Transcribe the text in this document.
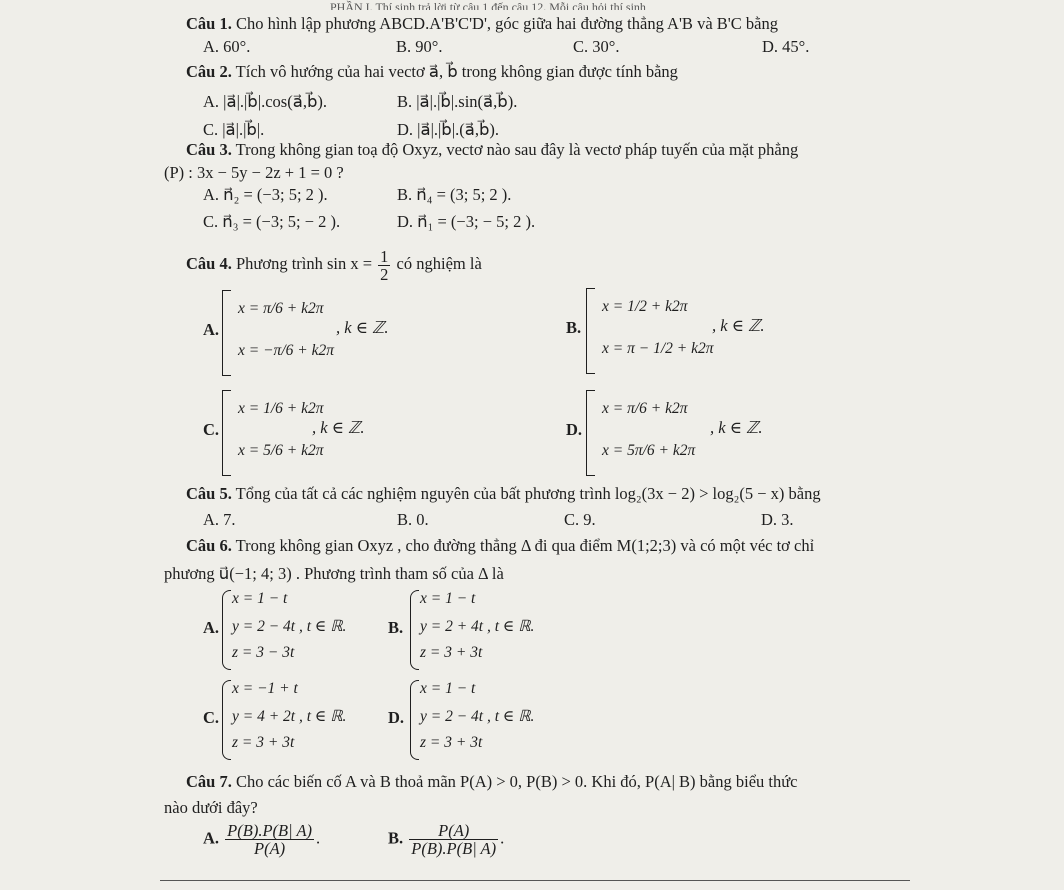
PHẦN I. Thí sinh trả lời từ câu 1 đến câu 12. Mỗi câu hỏi thí sinh
Câu 1. Cho hình lập phương ABCD.A'B'C'D', góc giữa hai đường thẳng A'B và B'C bằng
A. 60°.	B. 90°.	C. 30°.	D. 45°.
Câu 2. Tích vô hướng của hai vectơ a⃗, b⃗ trong không gian được tính bằng
A. |a⃗|.|b⃗|.cos(a⃗,b⃗).	B. |a⃗|.|b⃗|.sin(a⃗,b⃗).
C. |a⃗|.|b⃗|.	D. |a⃗|.|b⃗|.(a⃗,b⃗).
Câu 3. Trong không gian toạ độ Oxyz, vectơ nào sau đây là vectơ pháp tuyến của mặt phẳng
(P) : 3x − 5y − 2z + 1 = 0 ?
A. n⃗₂ = (−3; 5; 2 ).	B. n⃗₄ = (3; 5; 2 ).
C. n⃗₃ = (−3; 5; − 2 ).	D. n⃗₁ = (−3; − 5; 2 ).
Câu 4. Phương trình $\sin x = \frac{1}{2}$ có nghiệm là
A.
x = π/6 + k2π
x = −π/6 + k2π
, k ∈ ℤ.	B.
x = 1/2 + k2π
x = π − 1/2 + k2π
, k ∈ ℤ.
C.
x = 1/6 + k2π
x = 5/6 + k2π
, k ∈ ℤ.	D.
x = π/6 + k2π
x = 5π/6 + k2π
, k ∈ ℤ.
Câu 5. Tổng của tất cả các nghiệm nguyên của bất phương trình log₂(3x − 2) > log₂(5 − x) bằng
A. 7.	B. 0.	C. 9.	D. 3.
Câu 6. Trong không gian Oxyz , cho đường thẳng Δ đi qua điểm M(1;2;3) và có một véc tơ chỉ
phương u⃗(−1; 4; 3) . Phương trình tham số của Δ là
A.
x = 1 − t
y = 2 − 4t , t ∈ ℝ.
z = 3 − 3t
B.
x = 1 − t
y = 2 + 4t , t ∈ ℝ.
z = 3 + 3t
C.
x = −1 + t
y = 4 + 2t , t ∈ ℝ.
z = 3 + 3t
D.
x = 1 − t
y = 2 − 4t , t ∈ ℝ.
z = 3 + 3t
Câu 7. Cho các biến cố A và B thoả mãn P(A) > 0, P(B) > 0. Khi đó, P(A| B) bằng biểu thức
nào dưới đây?
A. $\frac{P(B).P(B| A)}{P(A)}$ .	B. $\frac{P(A)}{P(B).P(B| A)}$ .
